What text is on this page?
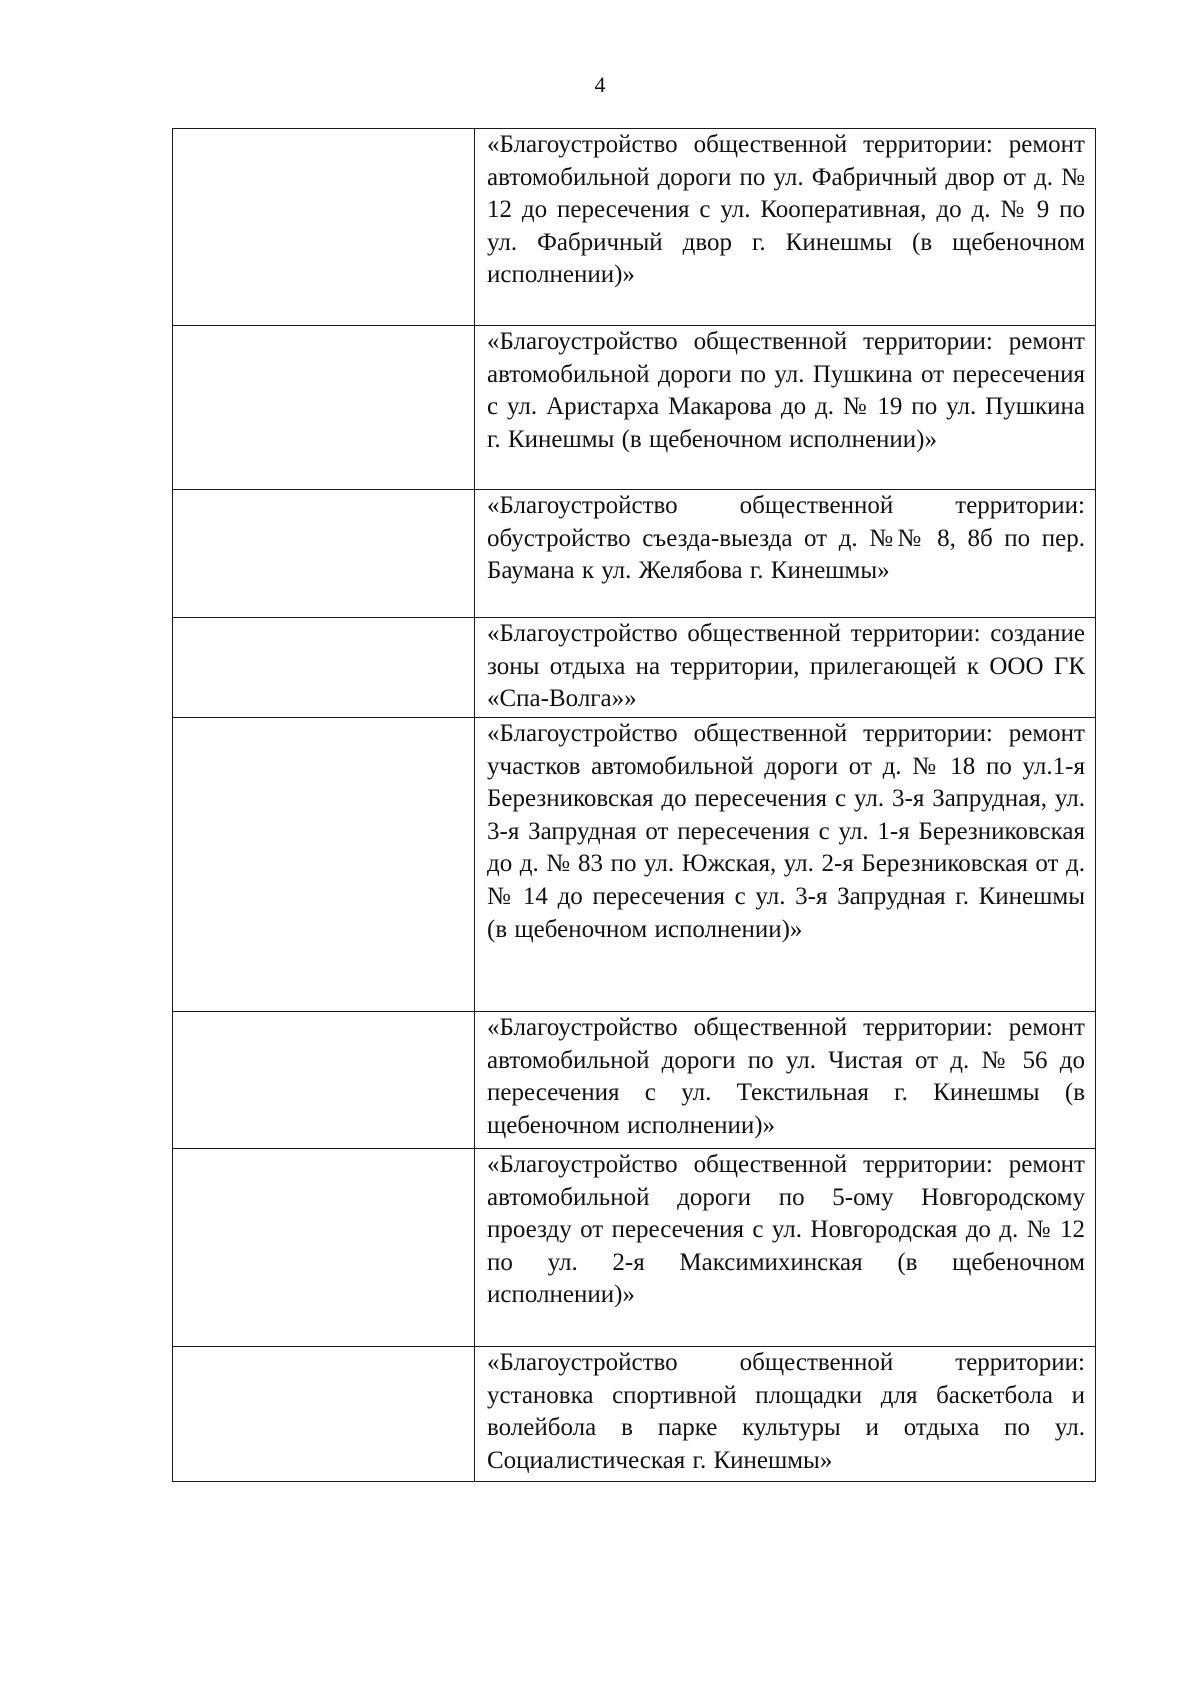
4

	«Благоустройство общественной территории: ремонт автомобильной дороги по ул. Фабричный двор от д. № 12 до пересечения с ул. Кооперативная, до д. № 9 по ул. Фабричный двор г. Кинешмы (в щебеночном исполнении)»

	«Благоустройство общественной территории: ремонт автомобильной дороги по ул. Пушкина от пересечения с ул. Аристарха Макарова до д. № 19 по ул. Пушкина г. Кинешмы (в щебеночном исполнении)»

	«Благоустройство общественной территории: обустройство съезда-выезда от д. №№ 8, 8б по пер. Баумана к ул. Желябова г. Кинешмы»

	«Благоустройство общественной территории: создание зоны отдыха на территории, прилегающей к ООО ГК «Спа-Волга»»

	«Благоустройство общественной территории: ремонт участков автомобильной дороги от д. № 18 по ул.1-я Березниковская до пересечения с ул. 3-я Запрудная, ул. 3-я Запрудная от пересечения с ул. 1-я Березниковская до д. № 83 по ул. Южская, ул. 2-я Березниковская от д. № 14 до пересечения с ул. 3-я Запрудная г. Кинешмы (в щебеночном исполнении)»

	«Благоустройство общественной территории: ремонт автомобильной дороги по ул. Чистая от д. № 56 до пересечения с ул. Текстильная г. Кинешмы (в щебеночном исполнении)»

	«Благоустройство общественной территории: ремонт автомобильной дороги по 5-ому Новгородскому проезду от пересечения с ул. Новгородская до д. № 12 по ул. 2-я Максимихинская (в щебеночном исполнении)»

	«Благоустройство общественной территории: установка спортивной площадки для баскетбола и волейбола в парке культуры и отдыха по ул. Социалистическая г. Кинешмы»
